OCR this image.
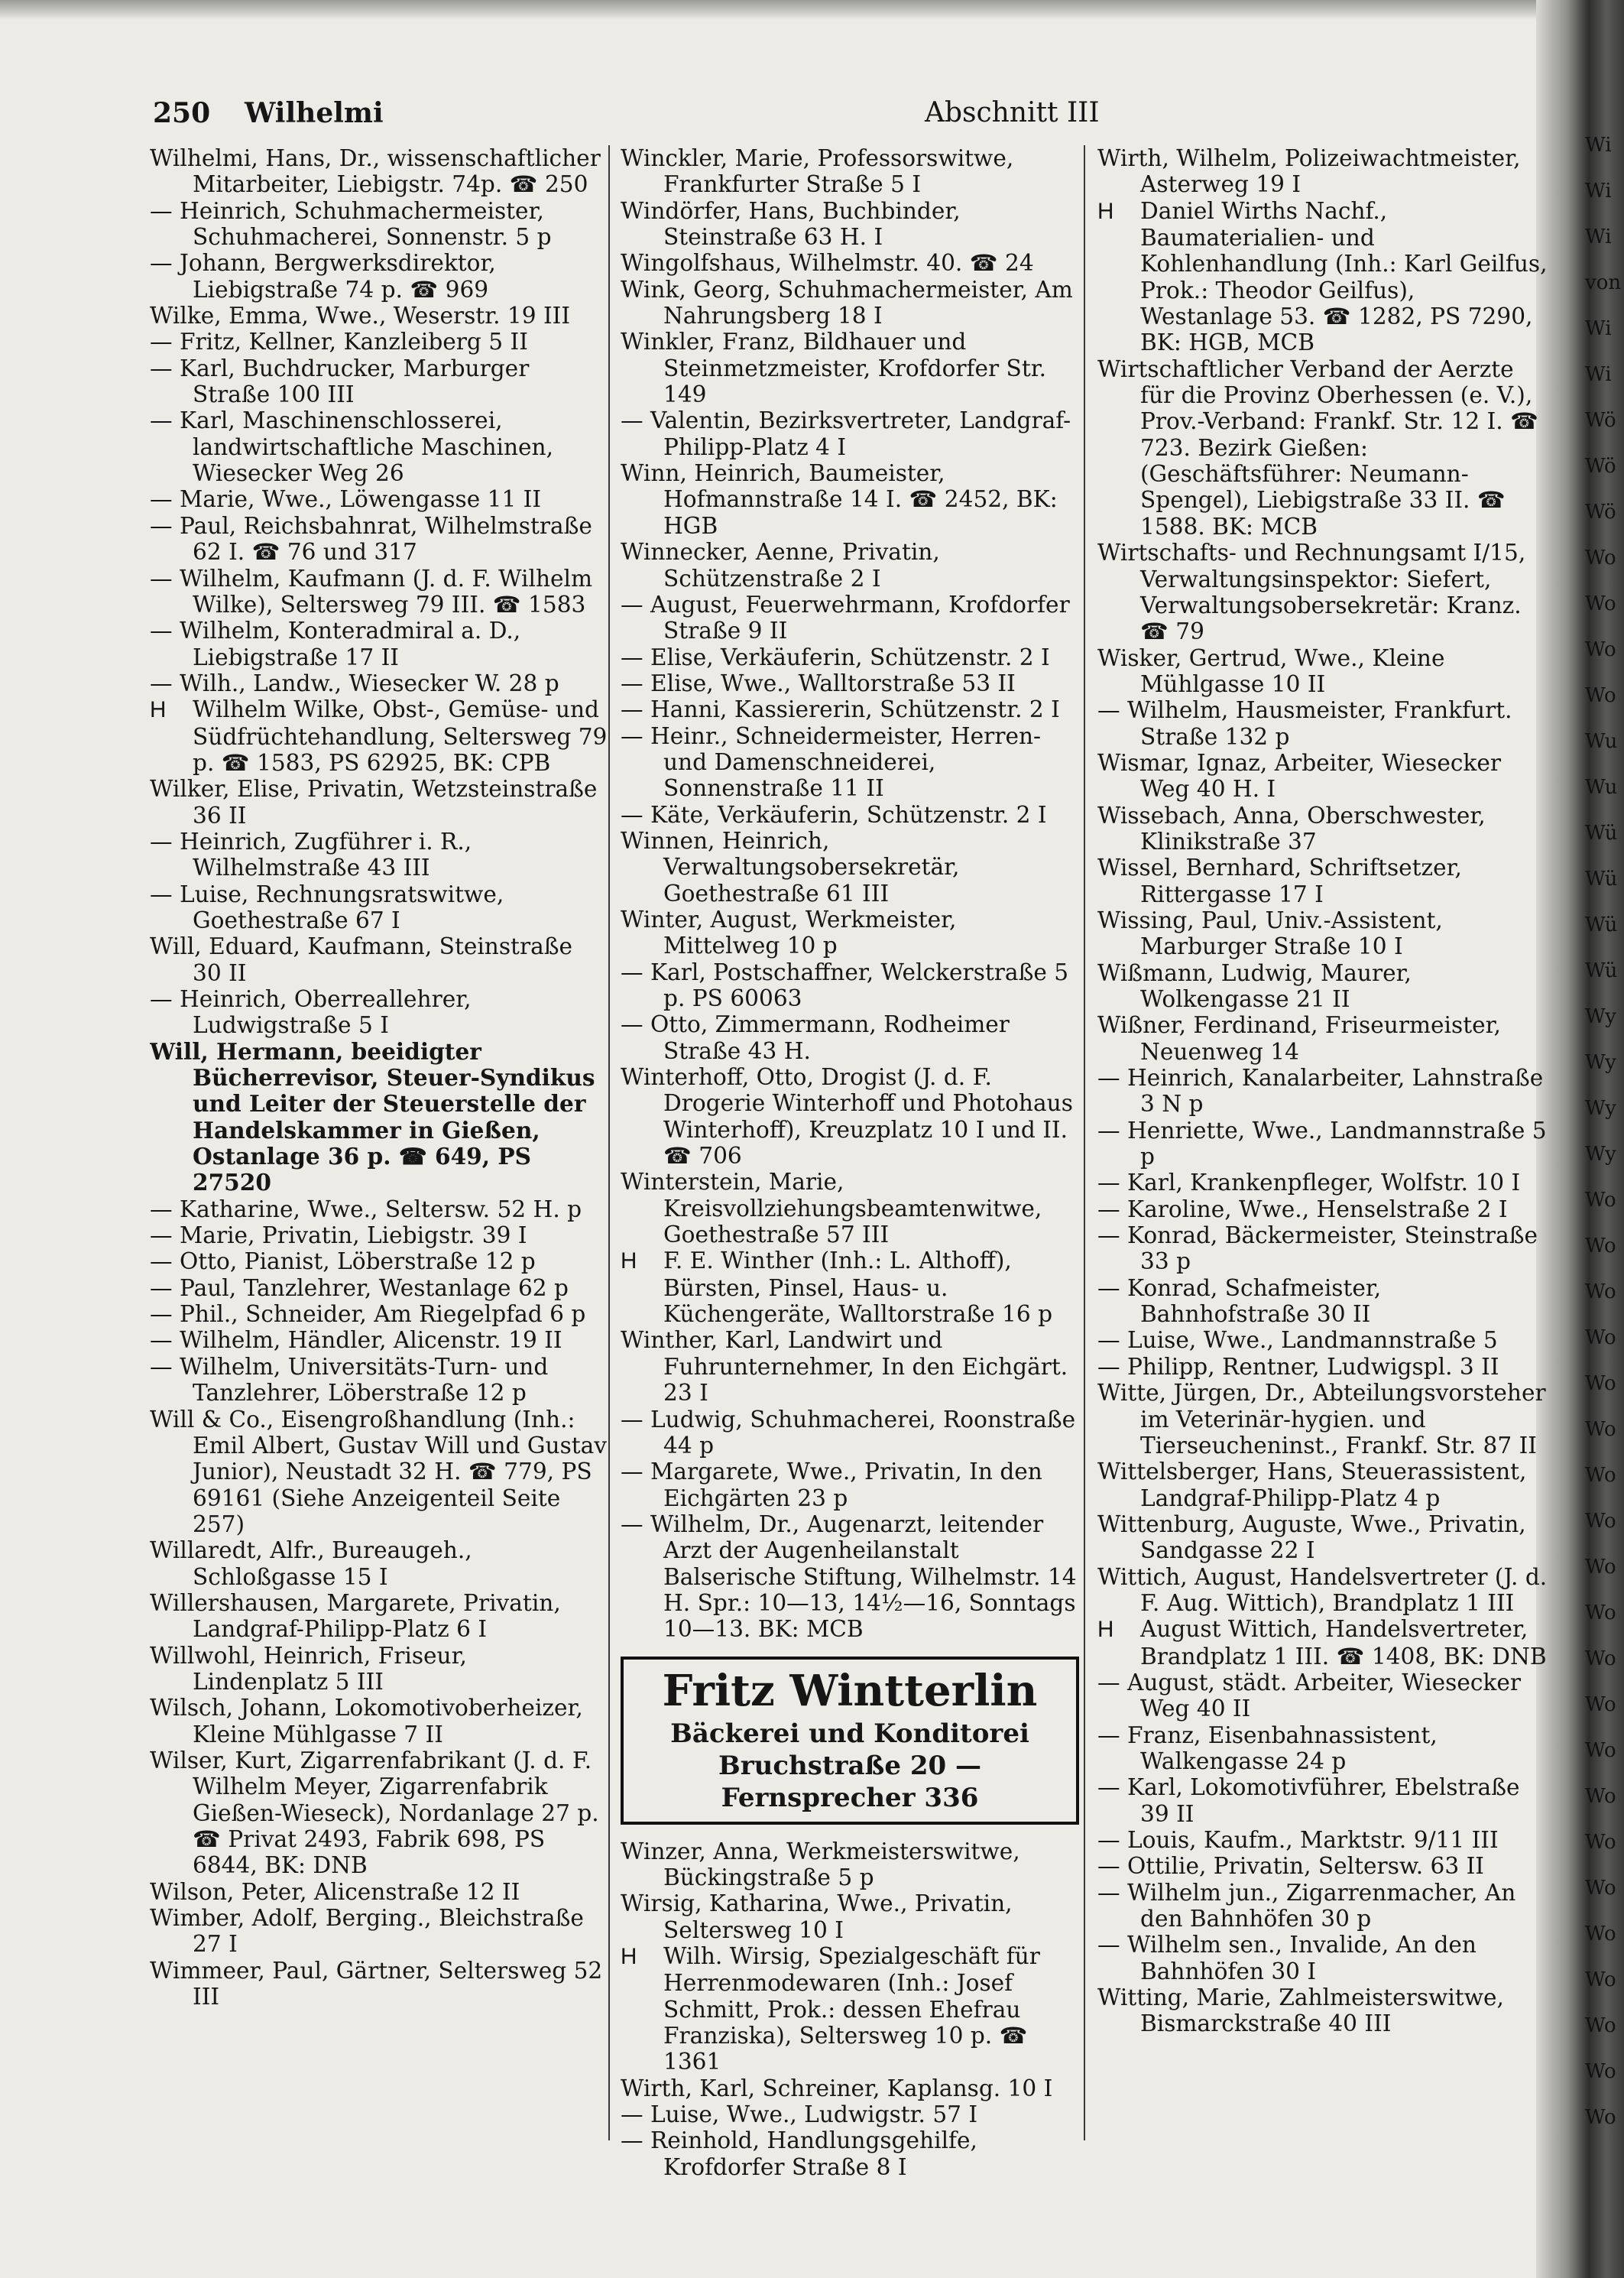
250 Wilhelmi	Abschnitt III

Wilhelmi, Hans, Dr., wissenschaftlicher Mitarbeiter, Liebigstr. 74p. ☎ 250

— Heinrich, Schuhmachermeister, Schuhmacherei, Sonnenstr. 5 p

— Johann, Bergwerksdirektor, Liebigstraße 74 p. ☎ 969

Wilke, Emma, Wwe., Weserstr. 19 III

— Fritz, Kellner, Kanzleiberg 5 II

— Karl, Buchdrucker, Marburger Straße 100 III

— Karl, Maschinenschlosserei, landwirtschaftliche Maschinen, Wiesecker Weg 26

— Marie, Wwe., Löwengasse 11 II

— Paul, Reichsbahnrat, Wilhelmstraße 62 I. ☎ 76 und 317

— Wilhelm, Kaufmann (J. d. F. Wilhelm Wilke), Seltersweg 79 III. ☎ 1583

— Wilhelm, Konteradmiral a. D., Liebigstraße 17 II

— Wilh., Landw., Wiesecker W. 28 p

H Wilhelm Wilke, Obst-, Gemüse- und Südfrüchtehandlung, Seltersweg 79 p. ☎ 1583, PS 62925, BK: CPB

Wilker, Elise, Privatin, Wetzsteinstraße 36 II

— Heinrich, Zugführer i. R., Wilhelmstraße 43 III

— Luise, Rechnungsratswitwe, Goethestraße 67 I

Will, Eduard, Kaufmann, Steinstraße 30 II

— Heinrich, Oberreallehrer, Ludwigstraße 5 I

Will, Hermann, beeidigter Bücherrevisor, Steuer-Syndikus und Leiter der Steuerstelle der Handelskammer in Gießen, Ostanlage 36 p. ☎ 649, PS 27520

— Katharine, Wwe., Seltersw. 52 H. p

— Marie, Privatin, Liebigstr. 39 I

— Otto, Pianist, Löberstraße 12 p

— Paul, Tanzlehrer, Westanlage 62 p

— Phil., Schneider, Am Riegelpfad 6 p

— Wilhelm, Händler, Alicenstr. 19 II

— Wilhelm, Universitäts-Turn- und Tanzlehrer, Löberstraße 12 p

Will & Co., Eisengroßhandlung (Inh.: Emil Albert, Gustav Will und Gustav Junior), Neustadt 32 H. ☎ 779, PS 69161 (Siehe Anzeigenteil Seite 257)

Willaredt, Alfr., Bureaugeh., Schloßgasse 15 I

Willershausen, Margarete, Privatin, Landgraf-Philipp-Platz 6 I

Willwohl, Heinrich, Friseur, Lindenplatz 5 III

Wilsch, Johann, Lokomotivoberheizer, Kleine Mühlgasse 7 II

Wilser, Kurt, Zigarrenfabrikant (J. d. F. Wilhelm Meyer, Zigarrenfabrik Gießen-Wieseck), Nordanlage 27 p. ☎ Privat 2493, Fabrik 698, PS 6844, BK: DNB

Wilson, Peter, Alicenstraße 12 II

Wimber, Adolf, Berging., Bleichstraße 27 I

Wimmeer, Paul, Gärtner, Seltersweg 52 III

Winckler, Marie, Professorswitwe, Frankfurter Straße 5 I

Windörfer, Hans, Buchbinder, Steinstraße 63 H. I

Wingolfshaus, Wilhelmstr. 40. ☎ 24

Wink, Georg, Schuhmachermeister, Am Nahrungsberg 18 I

Winkler, Franz, Bildhauer und Steinmetzmeister, Krofdorfer Str. 149

— Valentin, Bezirksvertreter, Landgraf-Philipp-Platz 4 I

Winn, Heinrich, Baumeister, Hofmannstraße 14 I. ☎ 2452, BK: HGB

Winnecker, Aenne, Privatin, Schützenstraße 2 I

— August, Feuerwehrmann, Krofdorfer Straße 9 II

— Elise, Verkäuferin, Schützenstr. 2 I

— Elise, Wwe., Walltorstraße 53 II

— Hanni, Kassiererin, Schützenstr. 2 I

— Heinr., Schneidermeister, Herren- und Damenschneiderei, Sonnenstraße 11 II

— Käte, Verkäuferin, Schützenstr. 2 I

Winnen, Heinrich, Verwaltungsobersekretär, Goethestraße 61 III

Winter, August, Werkmeister, Mittelweg 10 p

— Karl, Postschaffner, Welckerstraße 5 p. PS 60063

— Otto, Zimmermann, Rodheimer Straße 43 H.

Winterhoff, Otto, Drogist (J. d. F. Drogerie Winterhoff und Photohaus Winterhoff), Kreuzplatz 10 I und II. ☎ 706

Winterstein, Marie, Kreisvollziehungsbeamtenwitwe, Goethestraße 57 III

H F. E. Winther (Inh.: L. Althoff), Bürsten, Pinsel, Haus- u. Küchengeräte, Walltorstraße 16 p

Winther, Karl, Landwirt und Fuhrunternehmer, In den Eichgärt. 23 I

— Ludwig, Schuhmacherei, Roonstraße 44 p

— Margarete, Wwe., Privatin, In den Eichgärten 23 p

— Wilhelm, Dr., Augenarzt, leitender Arzt der Augenheilanstalt Balserische Stiftung, Wilhelmstr. 14 H. Spr.: 10—13, 14½—16, Sonntags 10—13. BK: MCB

Fritz Wintterlin
Bäckerei und Konditorei
Bruchstraße 20 — Fernsprecher 336

Winzer, Anna, Werkmeisterswitwe, Bückingstraße 5 p

Wirsig, Katharina, Wwe., Privatin, Seltersweg 10 I

H Wilh. Wirsig, Spezialgeschäft für Herrenmodewaren (Inh.: Josef Schmitt, Prok.: dessen Ehefrau Franziska), Seltersweg 10 p. ☎ 1361

Wirth, Karl, Schreiner, Kaplansg. 10 I

— Luise, Wwe., Ludwigstr. 57 I

— Reinhold, Handlungsgehilfe, Krofdorfer Straße 8 I

Wirth, Wilhelm, Polizeiwachtmeister, Asterweg 19 I

H Daniel Wirths Nachf., Baumaterialien- und Kohlenhandlung (Inh.: Karl Geilfus, Prok.: Theodor Geilfus), Westanlage 53. ☎ 1282, PS 7290, BK: HGB, MCB

Wirtschaftlicher Verband der Aerzte für die Provinz Oberhessen (e. V.), Prov.-Verband: Frankf. Str. 12 I. ☎ 723. Bezirk Gießen: (Geschäftsführer: Neumann-Spengel), Liebigstraße 33 II. ☎ 1588. BK: MCB

Wirtschafts- und Rechnungsamt I/15, Verwaltungsinspektor: Siefert, Verwaltungsobersekretär: Kranz. ☎ 79

Wisker, Gertrud, Wwe., Kleine Mühlgasse 10 II

— Wilhelm, Hausmeister, Frankfurt. Straße 132 p

Wismar, Ignaz, Arbeiter, Wiesecker Weg 40 H. I

Wissebach, Anna, Oberschwester, Klinikstraße 37

Wissel, Bernhard, Schriftsetzer, Rittergasse 17 I

Wissing, Paul, Univ.-Assistent, Marburger Straße 10 I

Wißmann, Ludwig, Maurer, Wolkengasse 21 II

Wißner, Ferdinand, Friseurmeister, Neuenweg 14

— Heinrich, Kanalarbeiter, Lahnstraße 3 N p

— Henriette, Wwe., Landmannstraße 5 p

— Karl, Krankenpfleger, Wolfstr. 10 I

— Karoline, Wwe., Henselstraße 2 I

— Konrad, Bäckermeister, Steinstraße 33 p

— Konrad, Schafmeister, Bahnhofstraße 30 II

— Luise, Wwe., Landmannstraße 5

— Philipp, Rentner, Ludwigspl. 3 II

Witte, Jürgen, Dr., Abteilungsvorsteher im Veterinär-hygien. und Tierseucheninst., Frankf. Str. 87 II

Wittelsberger, Hans, Steuerassistent, Landgraf-Philipp-Platz 4 p

Wittenburg, Auguste, Wwe., Privatin, Sandgasse 22 I

Wittich, August, Handelsvertreter (J. d. F. Aug. Wittich), Brandplatz 1 III

H August Wittich, Handelsvertreter, Brandplatz 1 III. ☎ 1408, BK: DNB

— August, städt. Arbeiter, Wiesecker Weg 40 II

— Franz, Eisenbahnassistent, Walkengasse 24 p

— Karl, Lokomotivführer, Ebelstraße 39 II

— Louis, Kaufm., Marktstr. 9/11 III

— Ottilie, Privatin, Seltersw. 63 II

— Wilhelm jun., Zigarrenmacher, An den Bahnhöfen 30 p

— Wilhelm sen., Invalide, An den Bahnhöfen 30 I

Witting, Marie, Zahlmeisterswitwe, Bismarckstraße 40 III

Wi
Wi
Wi
von
Wi
Wi
Wö
Wö
Wö
Wo
Wo
Wo
Wo
Wu
Wu
Wü
Wü
Wü
Wü
Wy
Wy
Wy
Wy
Wo
Wo
Wo
Wo
Wo
Wo
Wo
Wo
Wo
Wo
Wo
Wo
Wo
Wo
Wo
Wo
Wo
Wo
Wo
Wo
Wo
